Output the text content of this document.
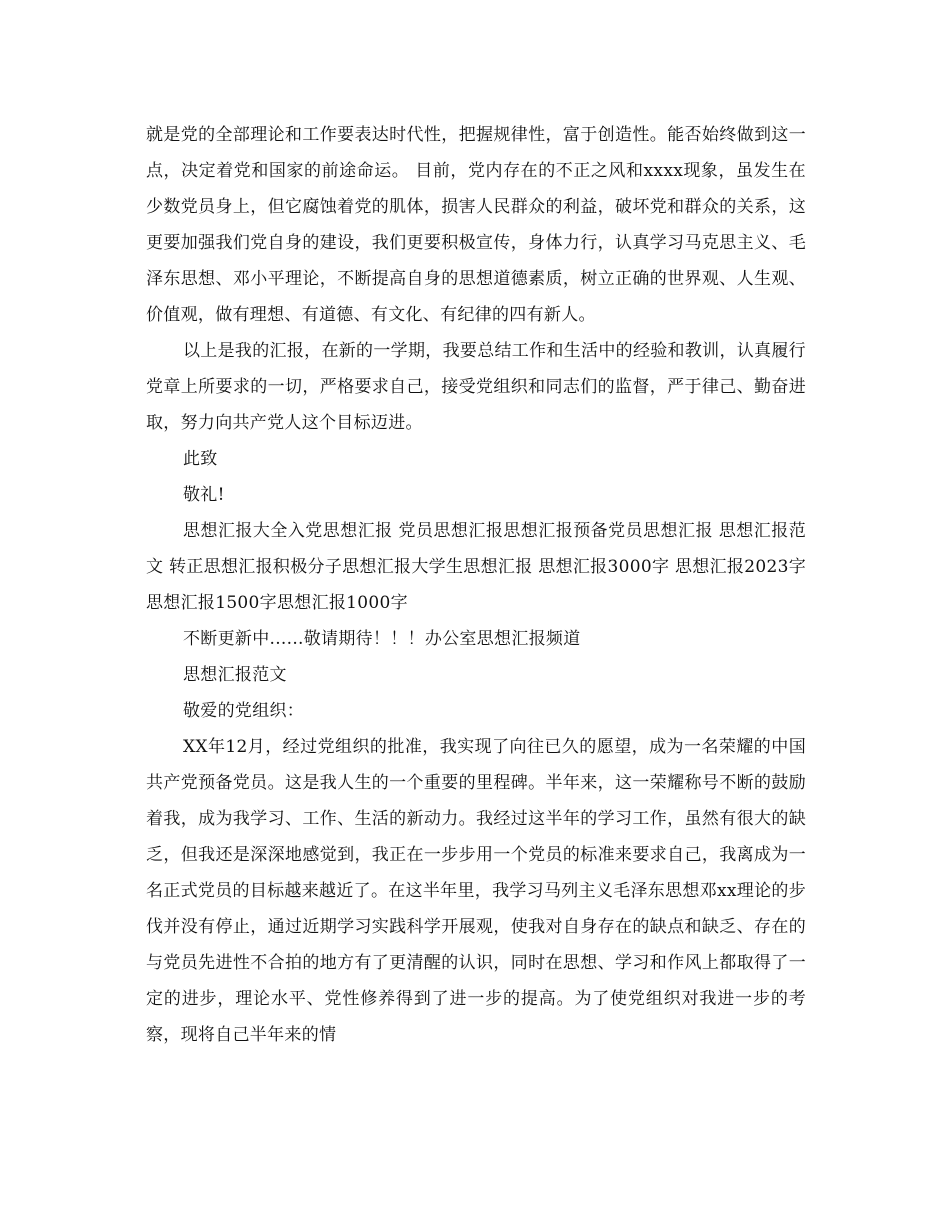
就是党的全部理论和工作要表达时代性，把握规律性，富于创造性。能否始终做到这一点，决定着党和国家的前途命运。 目前，党内存在的不正之风和xxxx现象，虽发生在少数党员身上，但它腐蚀着党的肌体，损害人民群众的利益，破坏党和群众的关系，这更要加强我们党自身的建设，我们更要积极宣传，身体力行，认真学习马克思主义、毛泽东思想、邓小平理论，不断提高自身的思想道德素质，树立正确的世界观、人生观、价值观，做有理想、有道德、有文化、有纪律的四有新人。

以上是我的汇报，在新的一学期，我要总结工作和生活中的经验和教训，认真履行党章上所要求的一切，严格要求自己，接受党组织和同志们的监督，严于律己、勤奋进取，努力向共产党人这个目标迈进。

此致

敬礼!

思想汇报大全入党思想汇报 党员思想汇报思想汇报预备党员思想汇报 思想汇报范文 转正思想汇报积极分子思想汇报大学生思想汇报 思想汇报3000字 思想汇报2023字思想汇报1500字思想汇报1000字

不断更新中......敬请期待！！！办公室思想汇报频道

思想汇报范文

敬爱的党组织：

XX年12月，经过党组织的批准，我实现了向往已久的愿望，成为一名荣耀的中国共产党预备党员。这是我人生的一个重要的里程碑。半年来，这一荣耀称号不断的鼓励着我，成为我学习、工作、生活的新动力。我经过这半年的学习工作，虽然有很大的缺乏，但我还是深深地感觉到，我正在一步步用一个党员的标准来要求自己，我离成为一名正式党员的目标越来越近了。在这半年里，我学习马列主义毛泽东思想邓xx理论的步伐并没有停止，通过近期学习实践科学开展观，使我对自身存在的缺点和缺乏、存在的与党员先进性不合拍的地方有了更清醒的认识，同时在思想、学习和作风上都取得了一定的进步，理论水平、党性修养得到了进一步的提高。为了使党组织对我进一步的考察，现将自己半年来的情
